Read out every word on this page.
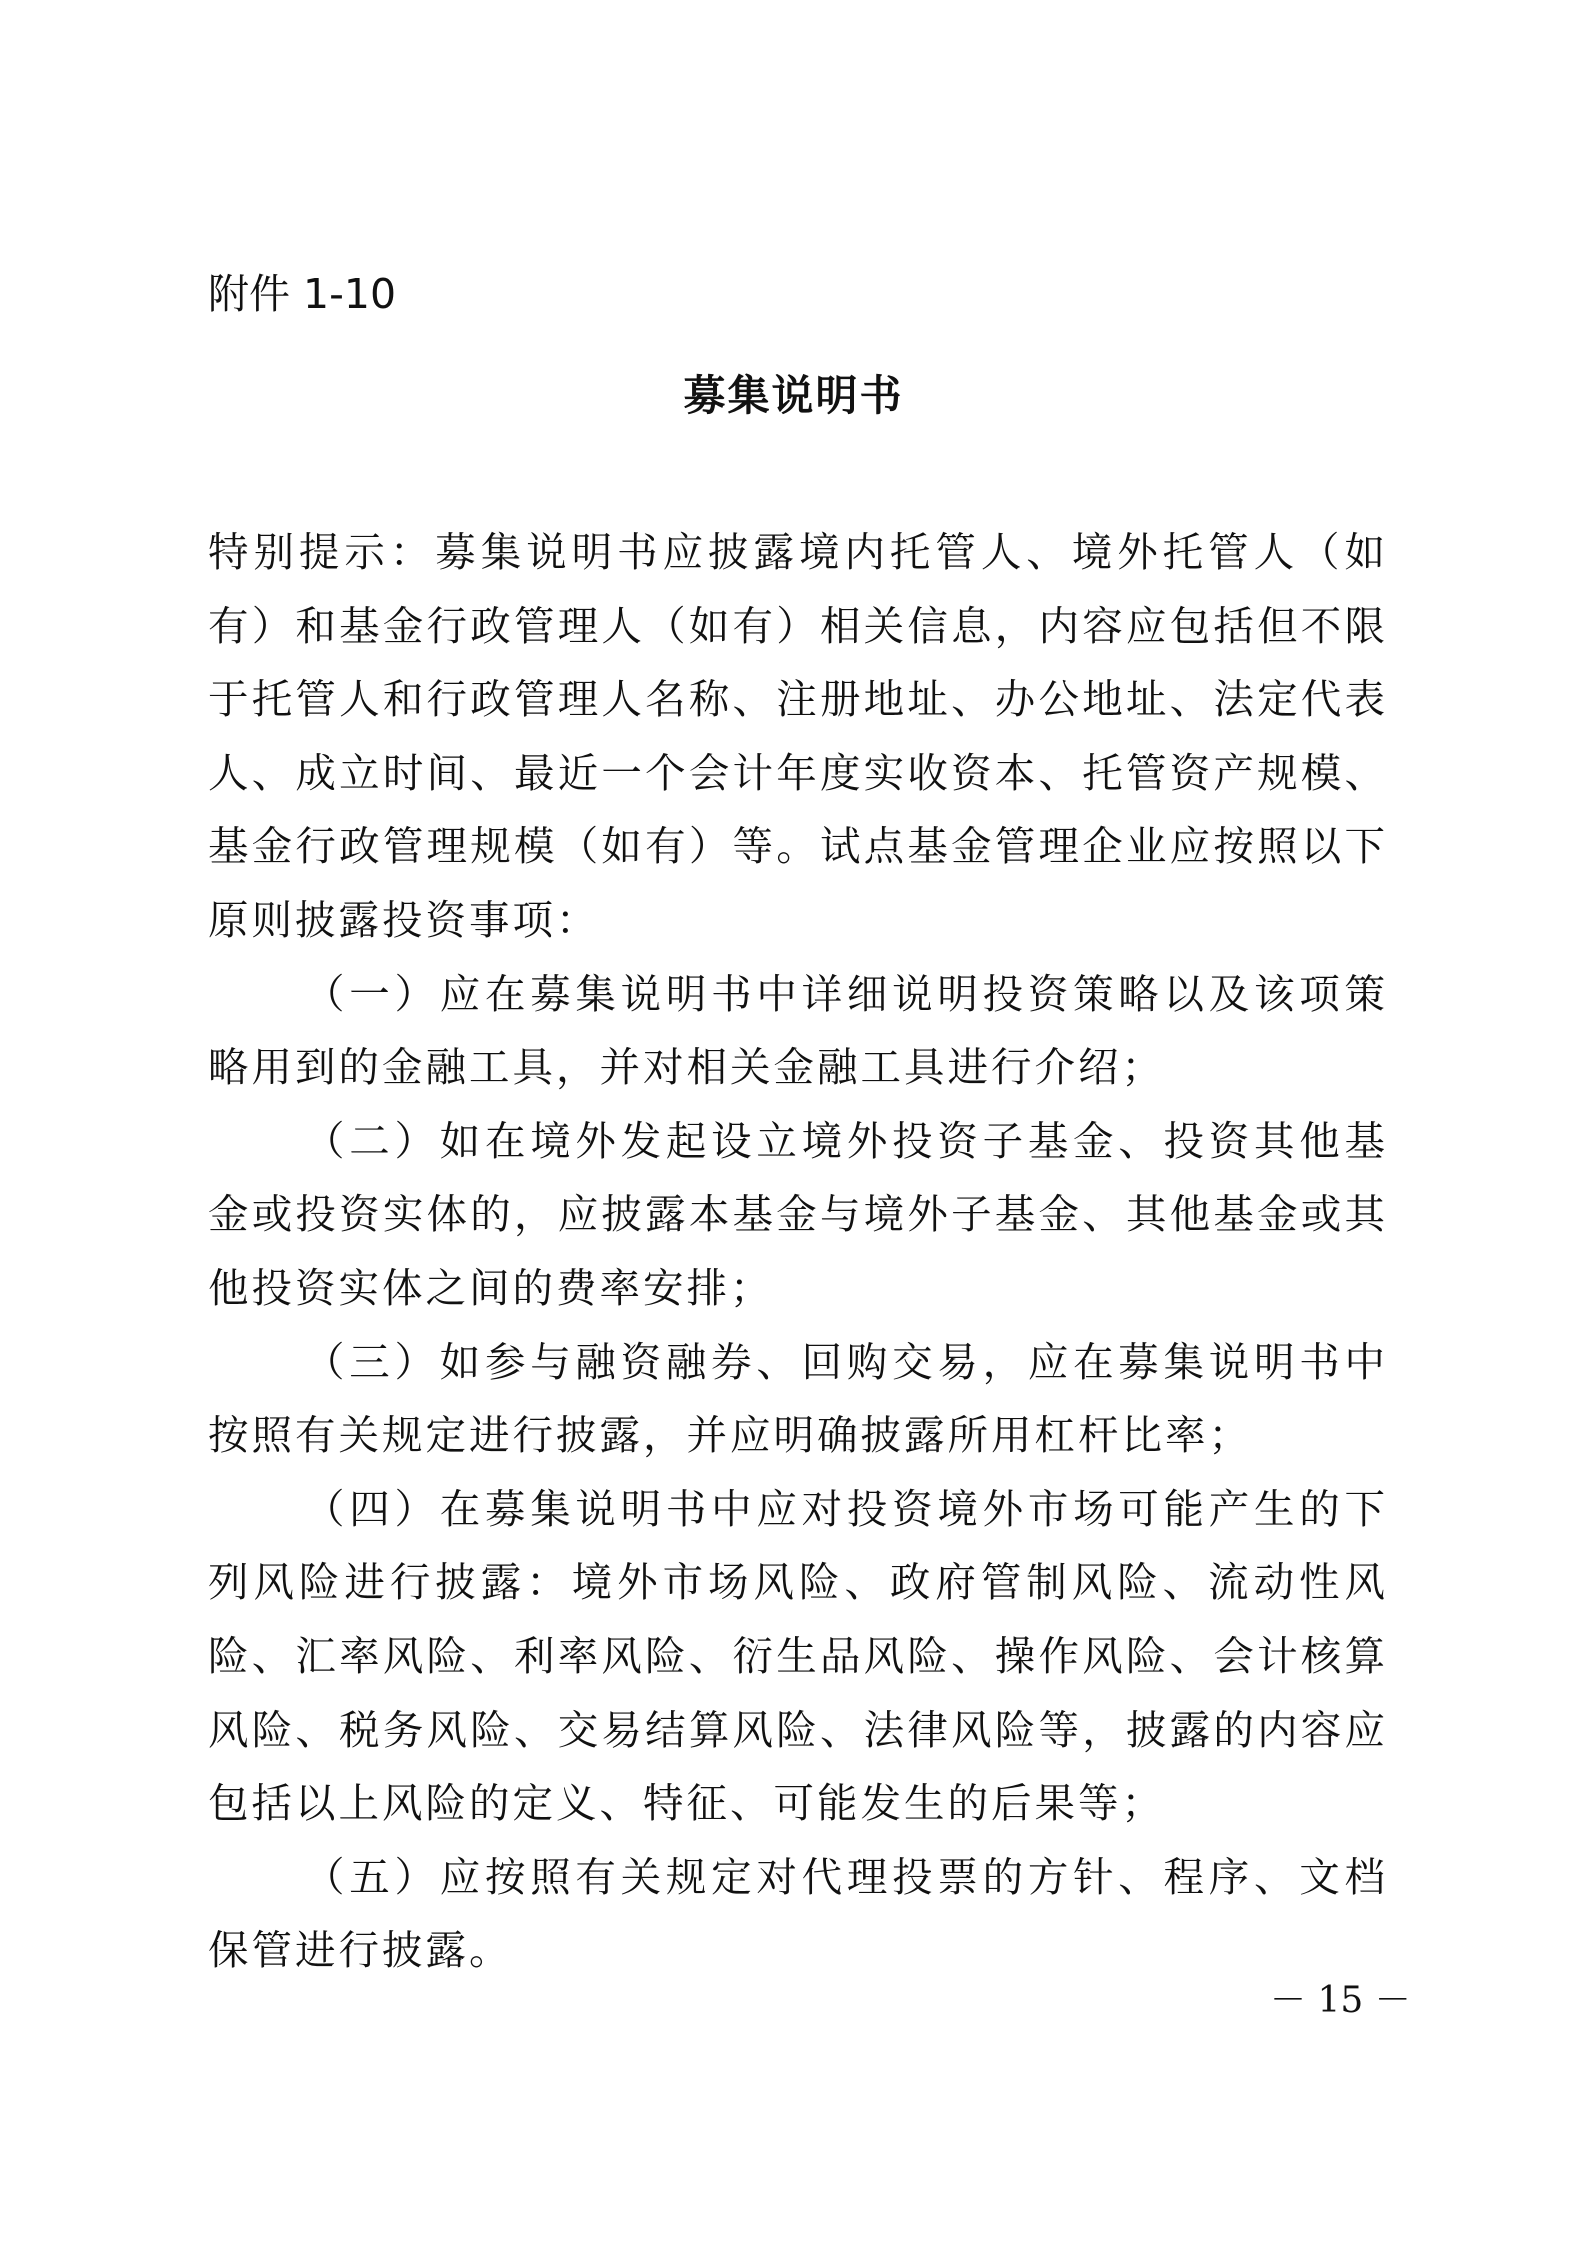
附件 1-10
募集说明书

特别提示：募集说明书应披露境内托管人、境外托管人（如有）和基金行政管理人（如有）相关信息，内容应包括但不限于托管人和行政管理人名称、注册地址、办公地址、法定代表人、成立时间、最近一个会计年度实收资本、托管资产规模、基金行政管理规模（如有）等。试点基金管理企业应按照以下原则披露投资事项：

（一）应在募集说明书中详细说明投资策略以及该项策略用到的金融工具，并对相关金融工具进行介绍；

（二）如在境外发起设立境外投资子基金、投资其他基金或投资实体的，应披露本基金与境外子基金、其他基金或其他投资实体之间的费率安排；

（三）如参与融资融券、回购交易，应在募集说明书中按照有关规定进行披露，并应明确披露所用杠杆比率；

（四）在募集说明书中应对投资境外市场可能产生的下列风险进行披露：境外市场风险、政府管制风险、流动性风险、汇率风险、利率风险、衍生品风险、操作风险、会计核算风险、税务风险、交易结算风险、法律风险等，披露的内容应包括以上风险的定义、特征、可能发生的后果等；

（五）应按照有关规定对代理投票的方针、程序、文档保管进行披露。

－ 15 －
